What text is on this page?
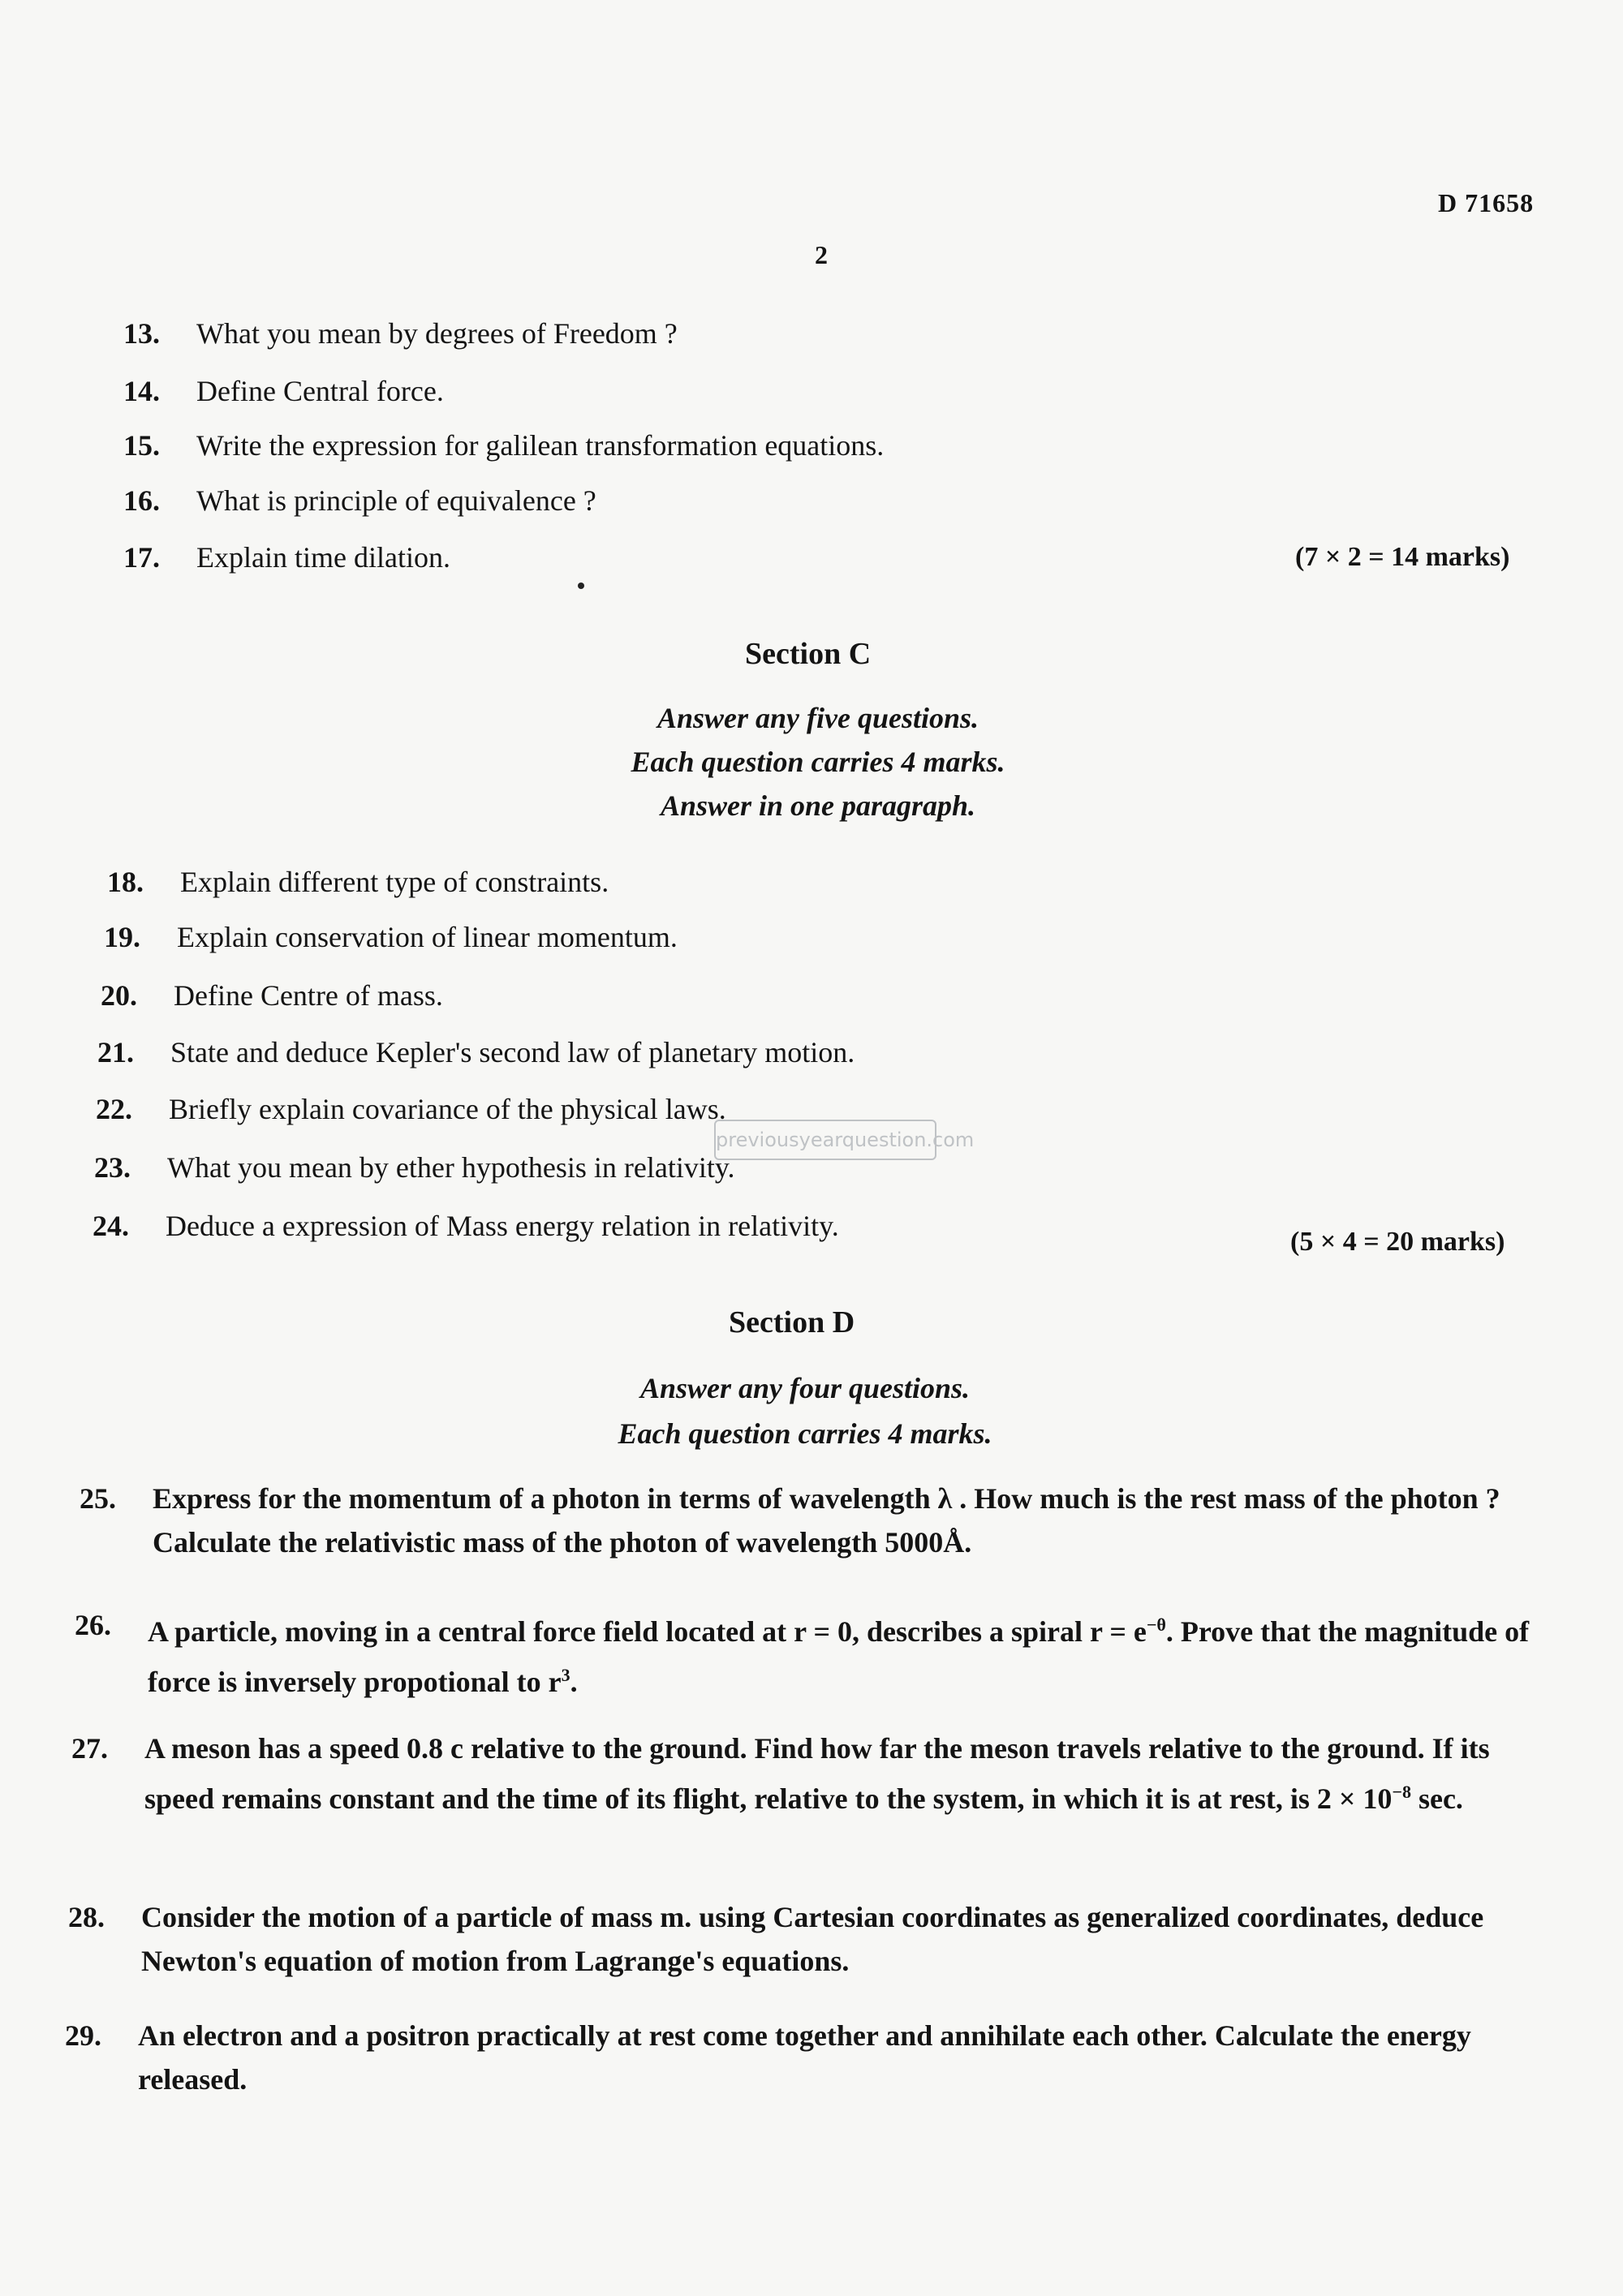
D 71658
2
13. What you mean by degrees of Freedom ?
14. Define Central force.
15. Write the expression for galilean transformation equations.
16. What is principle of equivalence ?
17. Explain time dilation.	(7 × 2 = 14 marks)
Section C
Answer any five questions.
Each question carries 4 marks.
Answer in one paragraph.
18. Explain different type of constraints.
19. Explain conservation of linear momentum.
20. Define Centre of mass.
21. State and deduce Kepler's second law of planetary motion.
22. Briefly explain covariance of the physical laws.
23. What you mean by ether hypothesis in relativity.
24. Deduce a expression of Mass energy relation in relativity.	(5 × 4 = 20 marks)
previousyearquestion.com
Section D
Answer any four questions.
Each question carries 4 marks.
25. Express for the momentum of a photon in terms of wavelength λ . How much is the rest mass of the photon ? Calculate the relativistic mass of the photon of wavelength 5000Å.
26. A particle, moving in a central force field located at r = 0, describes a spiral $r = e^{-\theta}$. Prove that the magnitude of force is inversely propotional to $r^3$.
27. A meson has a speed 0.8 c relative to the ground. Find how far the meson travels relative to the ground. If its speed remains constant and the time of its flight, relative to the system, in which it is at rest, is $2 \times 10^{-8}$ sec.
28. Consider the motion of a particle of mass m. using Cartesian coordinates as generalized coordinates, deduce Newton's equation of motion from Lagrange's equations.
29. An electron and a positron practically at rest come together and annihilate each other. Calculate the energy released.
